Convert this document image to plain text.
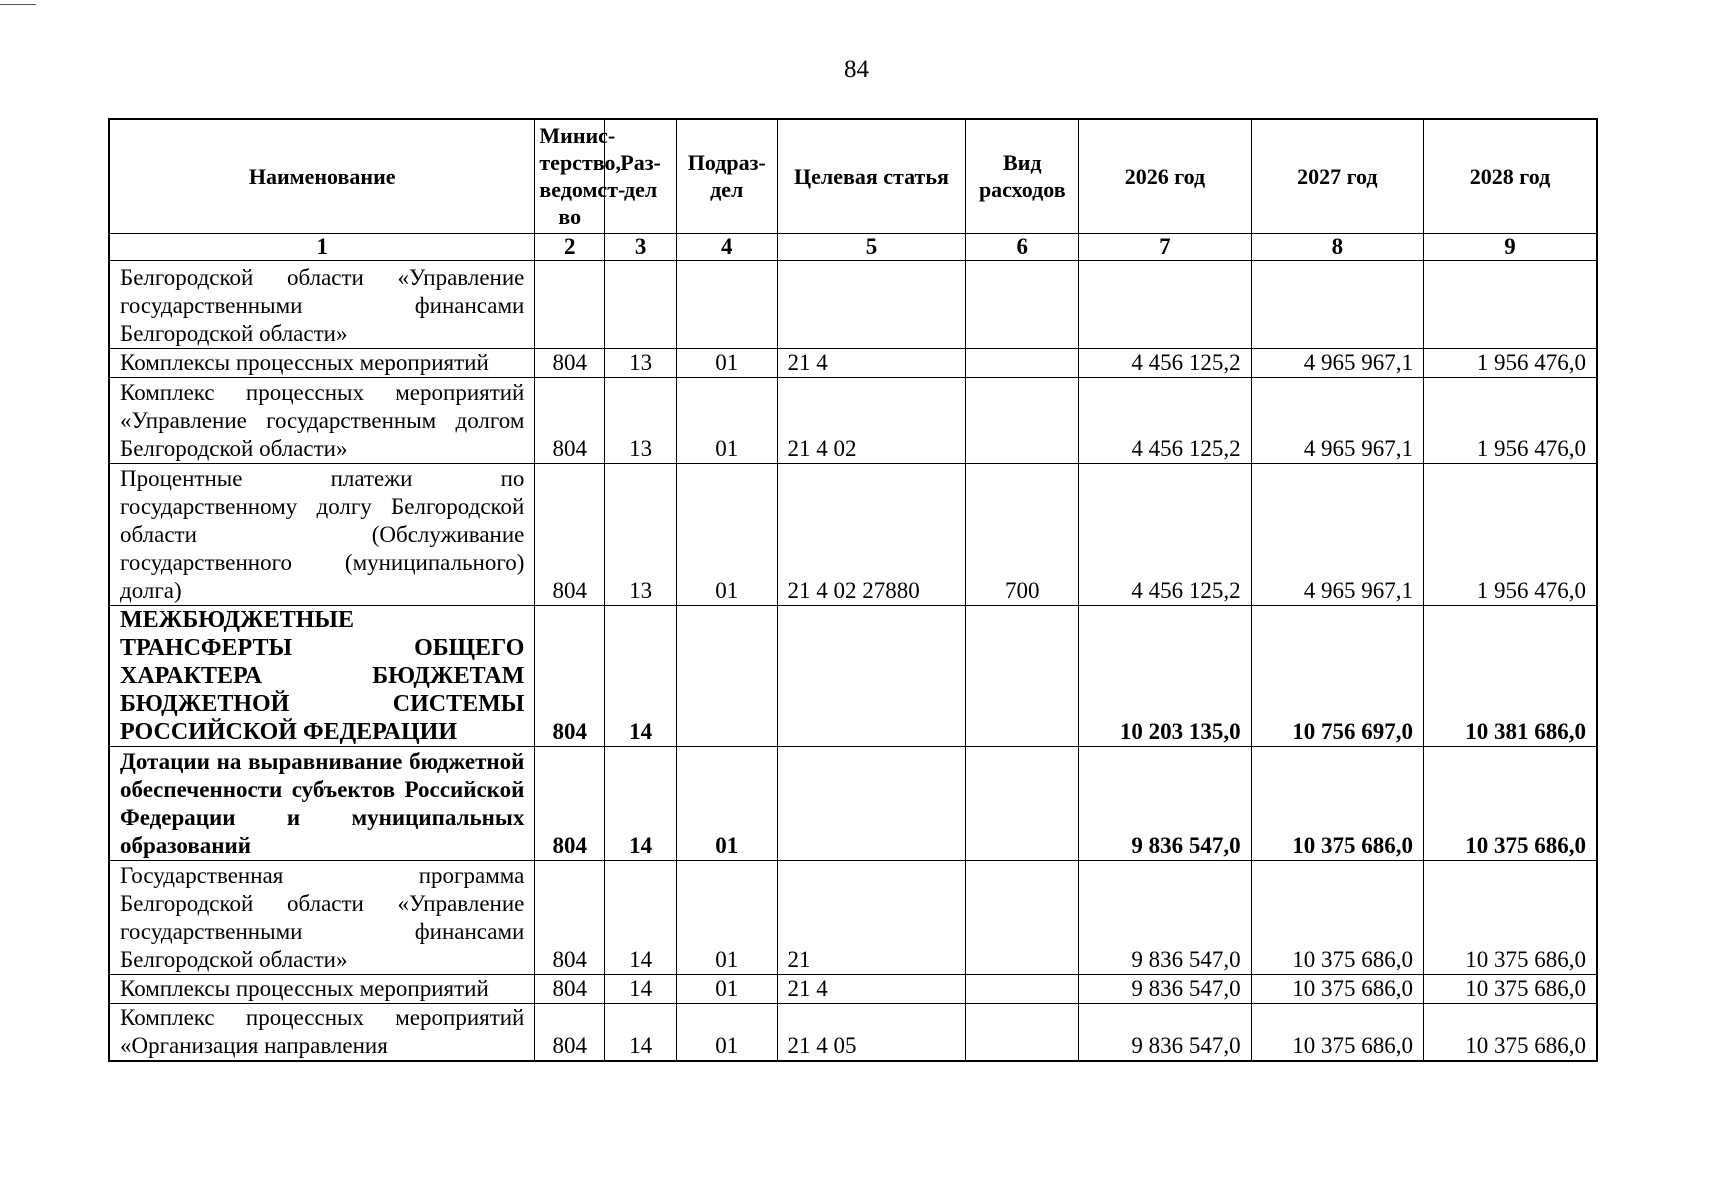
84
Наименование	Минис-терство, ведомст-во	Раз-дел	Подраз-дел	Целевая статья	Вид расходов	2026 год	2027 год	2028 год
1	2	3	4	5	6	7	8	9
Белгородской области «Управление государственными финансами Белгородской области»								
Комплексы процессных мероприятий	804	13	01	21 4		4 456 125,2	4 965 967,1	1 956 476,0
Комплекс процессных мероприятий «Управление государственным долгом Белгородской области»	804	13	01	21 4 02		4 456 125,2	4 965 967,1	1 956 476,0
Процентные платежи по государственному долгу Белгородской области (Обслуживание государственного (муниципального) долга)	804	13	01	21 4 02 27880	700	4 456 125,2	4 965 967,1	1 956 476,0
МЕЖБЮДЖЕТНЫЕ ТРАНСФЕРТЫ ОБЩЕГО ХАРАКТЕРА БЮДЖЕТАМ БЮДЖЕТНОЙ СИСТЕМЫ РОССИЙСКОЙ ФЕДЕРАЦИИ	804	14				10 203 135,0	10 756 697,0	10 381 686,0
Дотации на выравнивание бюджетной обеспеченности субъектов Российской Федерации и муниципальных образований	804	14	01			9 836 547,0	10 375 686,0	10 375 686,0
Государственная программа Белгородской области «Управление государственными финансами Белгородской области»	804	14	01	21		9 836 547,0	10 375 686,0	10 375 686,0
Комплексы процессных мероприятий	804	14	01	21 4		9 836 547,0	10 375 686,0	10 375 686,0
Комплекс процессных мероприятий «Организация направления	804	14	01	21 4 05		9 836 547,0	10 375 686,0	10 375 686,0
